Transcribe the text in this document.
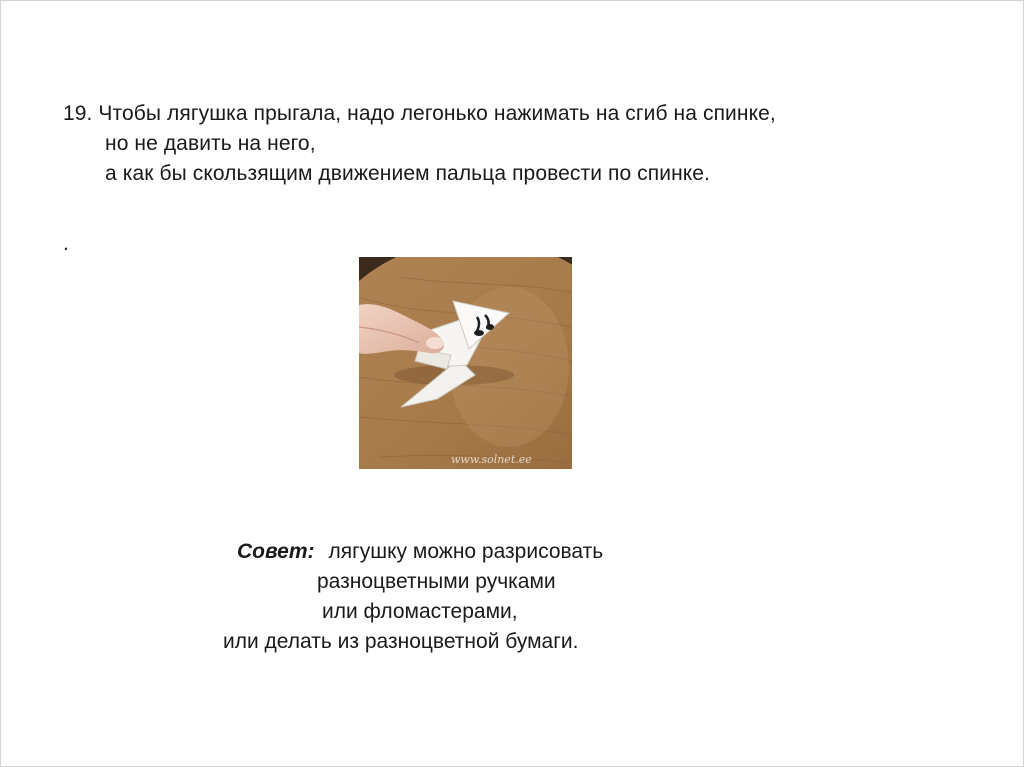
19. Чтобы лягушка прыгала, надо легонько нажимать на сгиб на спинке,
но не давить на него,
а как бы скользящим движением пальца провести по спинке.
.
www.solnet.ee
Совет: лягушку можно разрисовать
разноцветными ручками
или фломастерами,
или делать из разноцветной бумаги.
